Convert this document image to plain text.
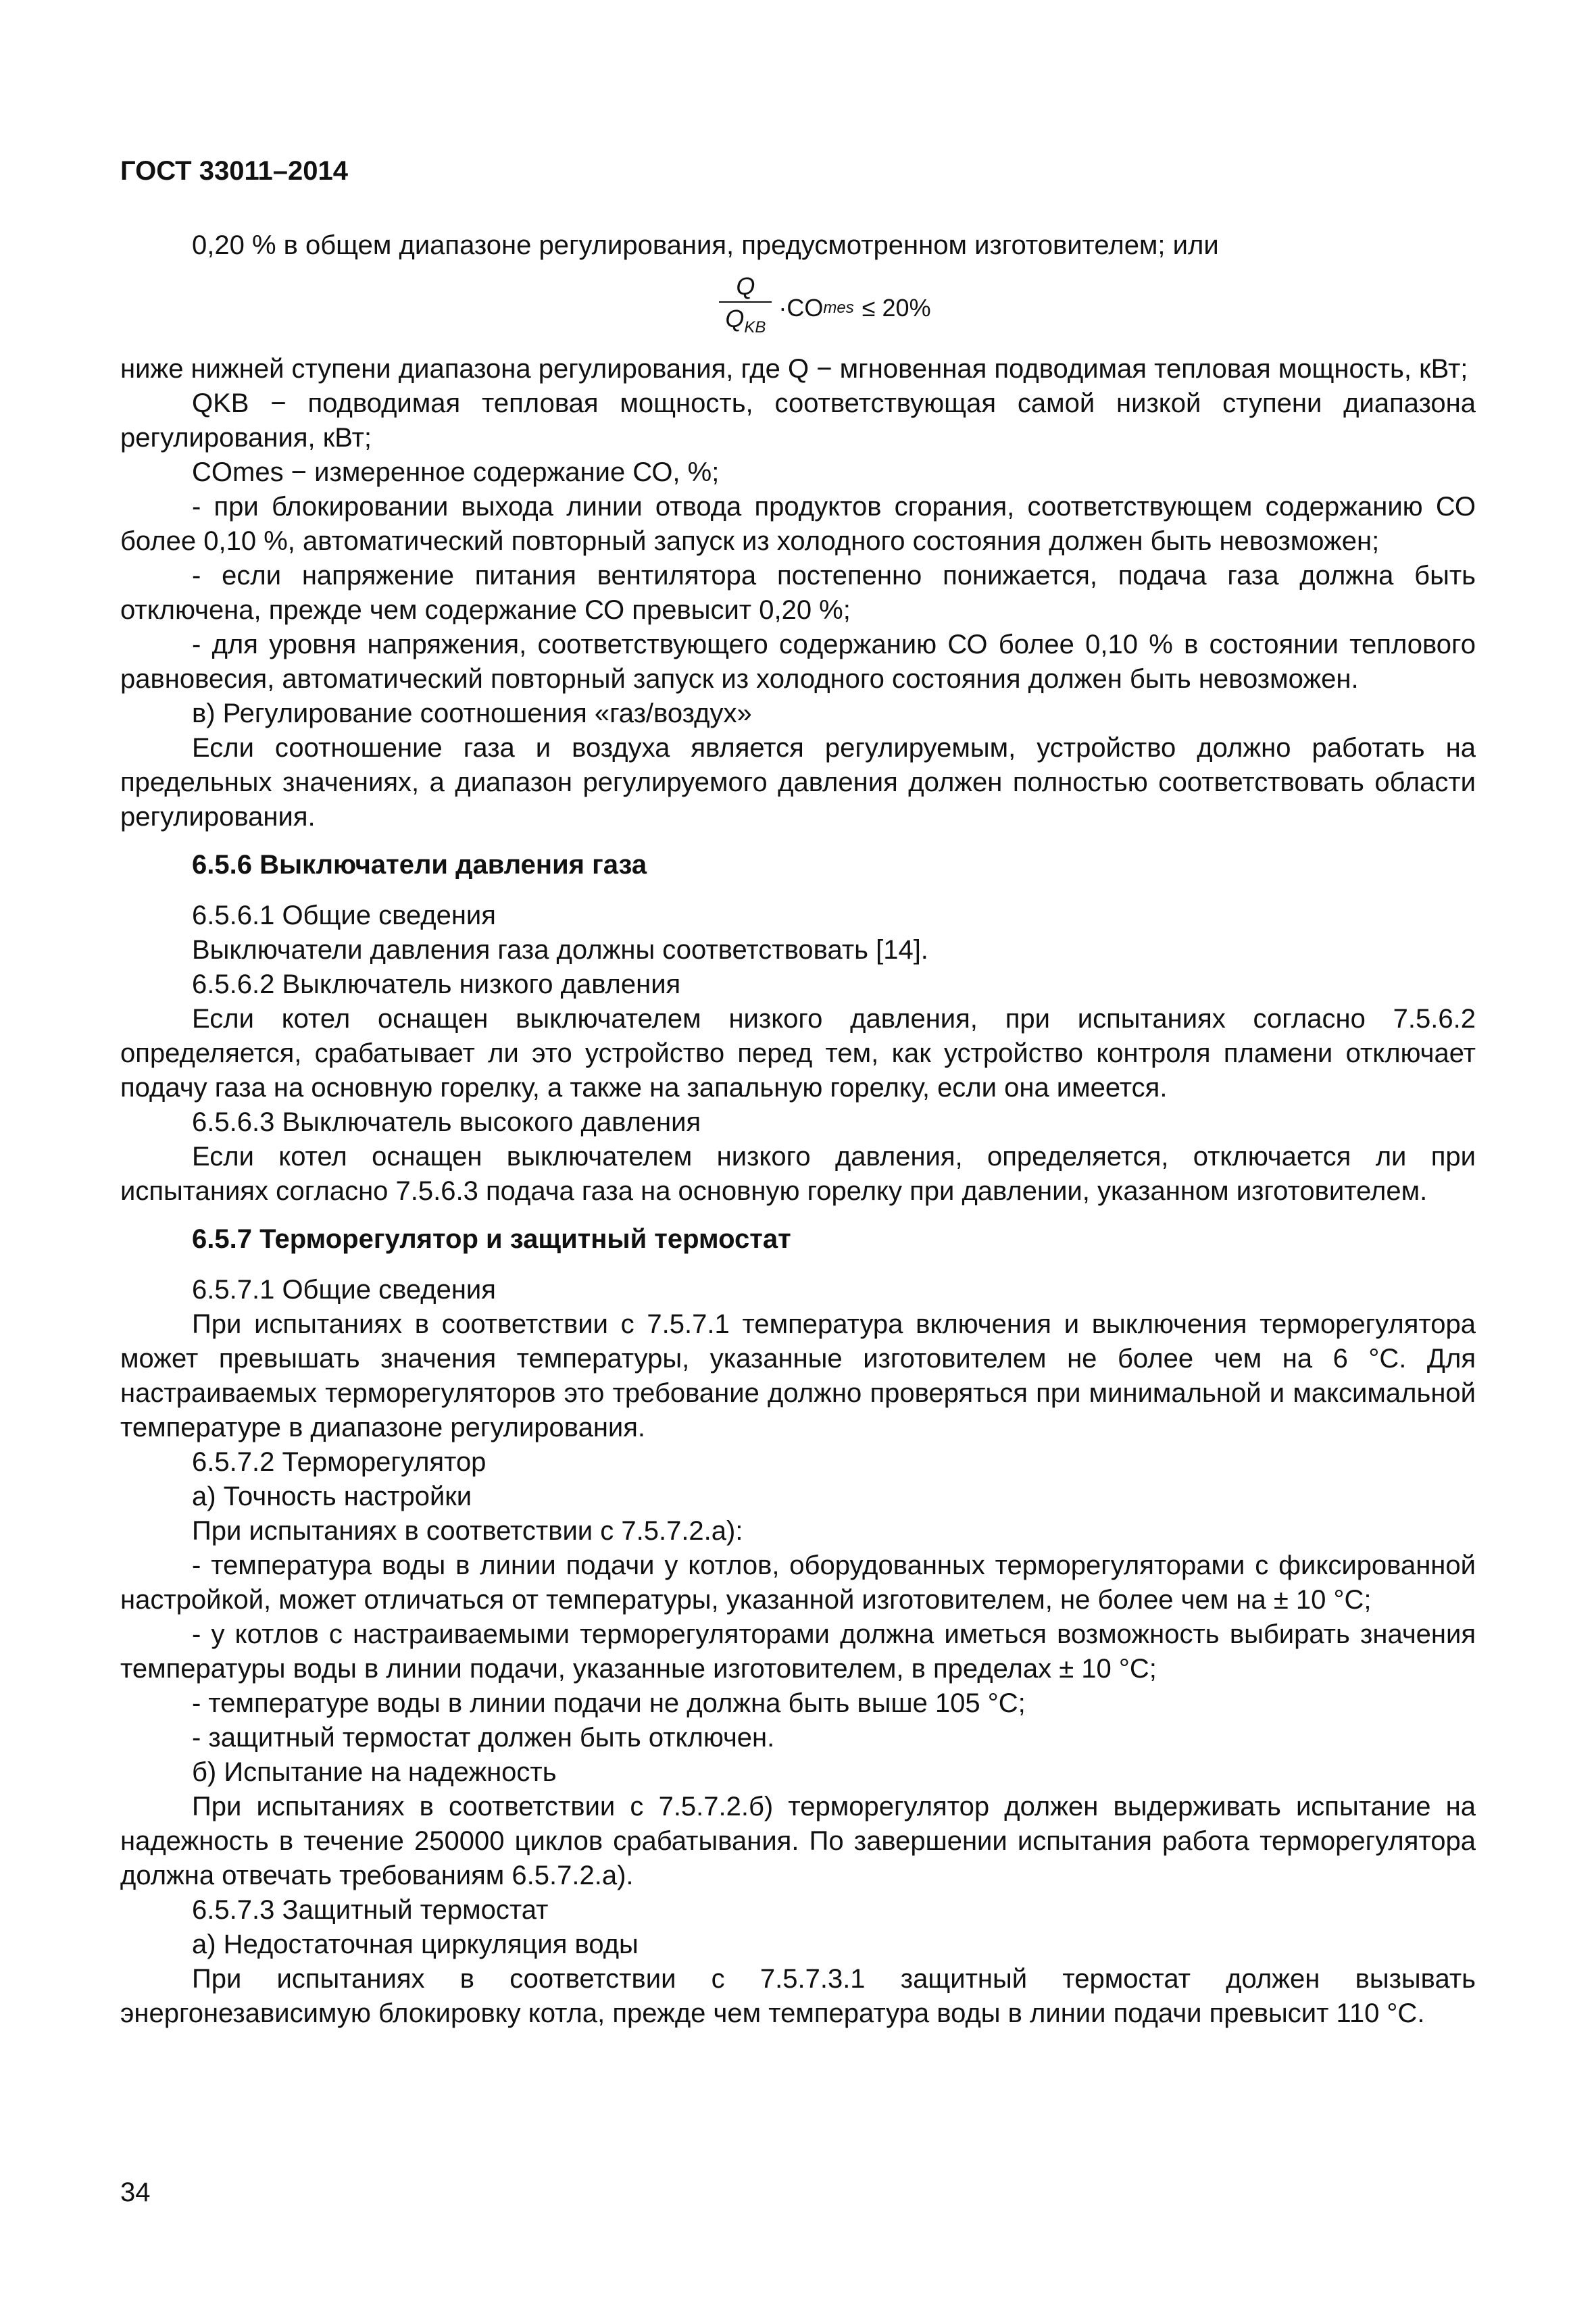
ГОСТ 33011–2014

0,20 % в общем диапазоне регулирования, предусмотренном изготовителем; или

$\frac{Q}{Q_{KB}}$ · CO mes ≤ 20%

ниже нижней ступени диапазона регулирования, где Q − мгновенная подводимая тепловая мощность, кВт;

QKB − подводимая тепловая мощность, соответствующая самой низкой ступени диапазона регулирования, кВт;

COmes − измеренное содержание СО, %;

- при блокировании выхода линии отвода продуктов сгорания, соответствующем содержанию СО более 0,10 %, автоматический повторный запуск из холодного состояния должен быть невозможен;

- если напряжение питания вентилятора постепенно понижается, подача газа должна быть отключена, прежде чем содержание СО превысит 0,20 %;

- для уровня напряжения, соответствующего содержанию СО более 0,10 % в состоянии теплового равновесия, автоматический повторный запуск из холодного состояния должен быть невозможен.

в) Регулирование соотношения «газ/воздух»

Если соотношение газа и воздуха является регулируемым, устройство должно работать на предельных значениях, а диапазон регулируемого давления должен полностью соответствовать области регулирования.

6.5.6 Выключатели давления газа

6.5.6.1 Общие сведения

Выключатели давления газа должны соответствовать [14].

6.5.6.2 Выключатель низкого давления

Если котел оснащен выключателем низкого давления, при испытаниях согласно 7.5.6.2 определяется, срабатывает ли это устройство перед тем, как устройство контроля пламени отключает подачу газа на основную горелку, а также на запальную горелку, если она имеется.

6.5.6.3 Выключатель высокого давления

Если котел оснащен выключателем низкого давления, определяется, отключается ли при испытаниях согласно 7.5.6.3 подача газа на основную горелку при давлении, указанном изготовителем.

6.5.7 Терморегулятор и защитный термостат

6.5.7.1 Общие сведения

При испытаниях в соответствии с 7.5.7.1 температура включения и выключения терморегулятора может превышать значения температуры, указанные изготовителем не более чем на 6 °C. Для настраиваемых терморегуляторов это требование должно проверяться при минимальной и максимальной температуре в диапазоне регулирования.

6.5.7.2 Терморегулятор

а) Точность настройки

При испытаниях в соответствии с 7.5.7.2.а):

- температура воды в линии подачи у котлов, оборудованных терморегуляторами с фиксированной настройкой, может отличаться от температуры, указанной изготовителем, не более чем на ± 10 °C;

- у котлов с настраиваемыми терморегуляторами должна иметься возможность выбирать значения температуры воды в линии подачи, указанные изготовителем, в пределах ± 10 °C;

- температуре воды в линии подачи не должна быть выше 105 °C;

- защитный термостат должен быть отключен.

б) Испытание на надежность

При испытаниях в соответствии с 7.5.7.2.б) терморегулятор должен выдерживать испытание на надежность в течение 250000 циклов срабатывания. По завершении испытания работа терморегулятора должна отвечать требованиям 6.5.7.2.а).

6.5.7.3 Защитный термостат

а) Недостаточная циркуляция воды

При испытаниях в соответствии с 7.5.7.3.1 защитный термостат должен вызывать энергонезависимую блокировку котла, прежде чем температура воды в линии подачи превысит 110 °C.

34
